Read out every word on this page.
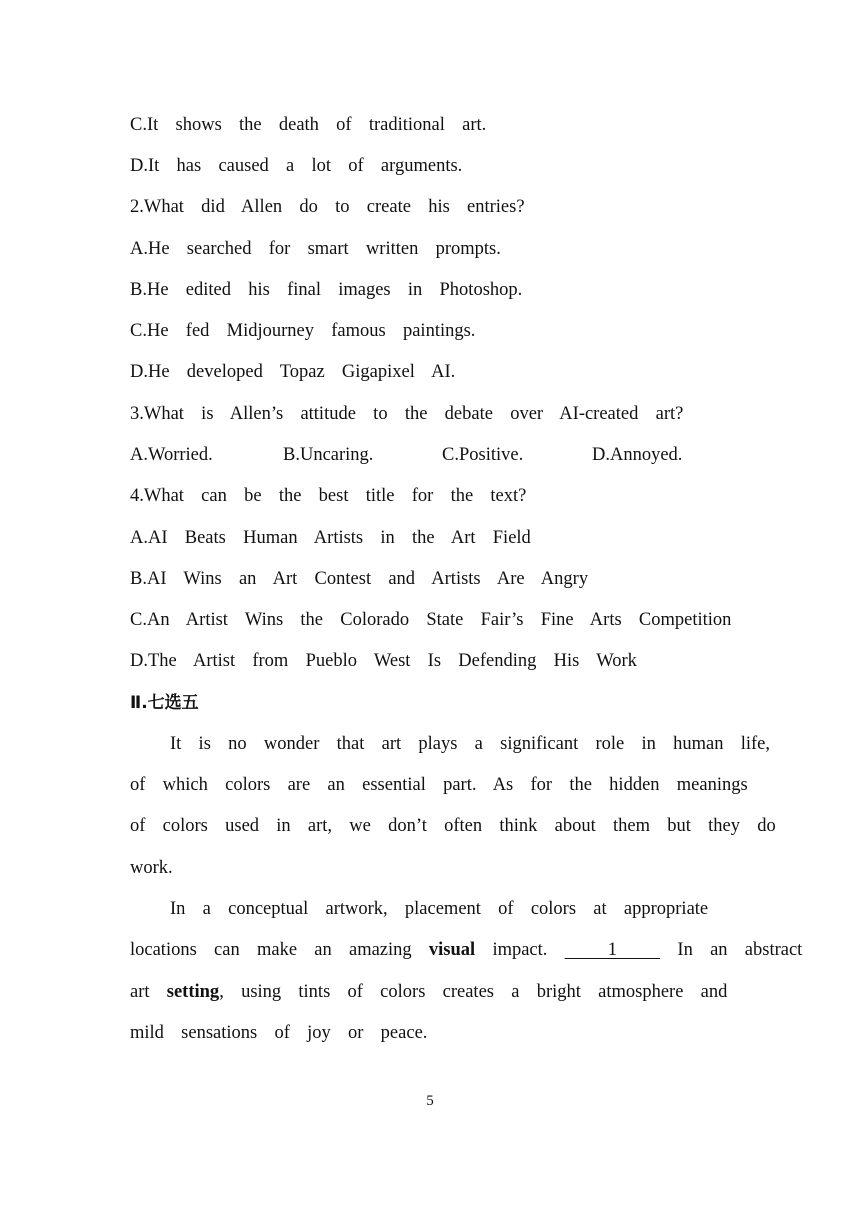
C.It  shows  the  death  of  traditional  art.
D.It  has  caused  a  lot  of  arguments.
2.What  did  Allen  do  to  create  his  entries?
A.He  searched  for  smart  written  prompts.
B.He  edited  his  final  images  in  Photoshop.
C.He  fed  Midjourney  famous  paintings.
D.He  developed  Topaz  Gigapixel  AI.
3.What  is  Allen’s  attitude  to  the  debate  over  AI-created  art?
A.Worried.	B.Uncaring.	C.Positive.	D.Annoyed.
4.What  can  be  the  best  title  for  the  text?
A.AI  Beats  Human  Artists  in  the  Art  Field
B.AI  Wins  an  Art  Contest  and  Artists  Are  Angry
C.An  Artist  Wins  the  Colorado  State  Fair’s  Fine  Arts  Competition
D.The  Artist  from  Pueblo  West  Is  Defending  His  Work
Ⅱ.七选五
It  is  no  wonder  that  art  plays  a  significant  role  in  human  life,
of  which  colors  are  an  essential  part.  As  for  the  hidden  meanings
of  colors  used  in  art,  we  don’t  often  think  about  them  but  they  do
work.
In  a  conceptual  artwork,  placement  of  colors  at  appropriate
locations  can  make  an  amazing  visual  impact.       1       In  an  abstract
art  setting,  using  tints  of  colors  creates  a  bright  atmosphere  and
mild  sensations  of  joy  or  peace.
5
